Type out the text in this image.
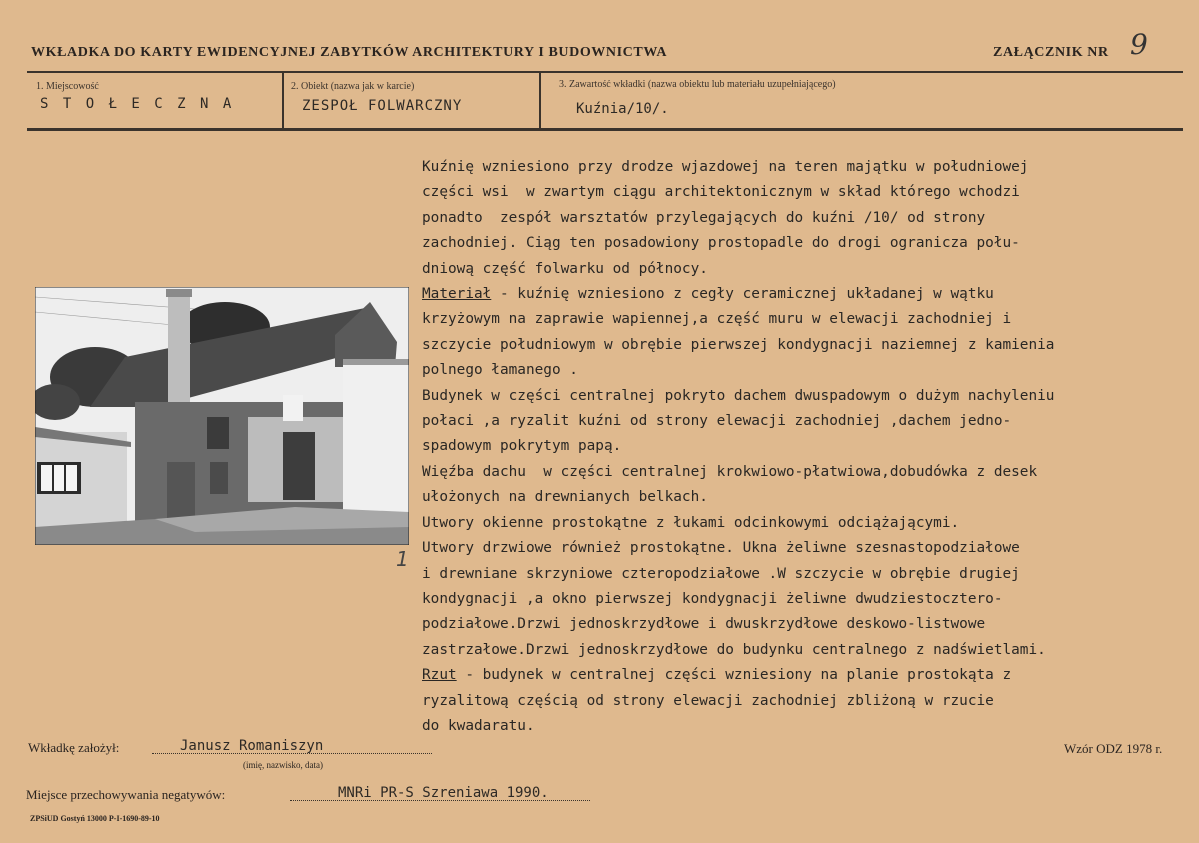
WKŁADKA DO KARTY EWIDENCYJNEJ ZABYTKÓW ARCHITEKTURY I BUDOWNICTWA	ZAŁĄCZNIK NR 9
1. Miejscowość
S T O Ł E C Z N A
2. Obiekt (nazwa jak w karcie)
ZESPOŁ FOLWARCZNY
3. Zawartość wkładki (nazwa obiektu lub materiału uzupełniającego)
Kuźnia/10/.
1
Kuźnię wzniesiono przy drodze wjazdowej na teren majątku w południowej
części wsi  w zwartym ciągu architektonicznym w skład którego wchodzi
ponadto  zespół warsztatów przylegających do kuźni /10/ od strony
zachodniej. Ciąg ten posadowiony prostopadle do drogi ogranicza połu-
dniową część folwarku od północy.
Materiał - kuźnię wzniesiono z cegły ceramicznej układanej w wątku
krzyżowym na zaprawie wapiennej,a część muru w elewacji zachodniej i
szczycie południowym w obrębie pierwszej kondygnacji naziemnej z kamienia
polnego łamanego .
Budynek w części centralnej pokryto dachem dwuspadowym o dużym nachyleniu
połaci ,a ryzalit kuźni od strony elewacji zachodniej ,dachem jedno-
spadowym pokrytym papą.
Więźba dachu  w części centralnej krokwiowo-płatwiowa,dobudówka z desek
ułożonych na drewnianych belkach.
Utwory okienne prostokątne z łukami odcinkowymi odciążającymi.
Utwory drzwiowe również prostokątne. Ukna żeliwne szesnastopodziałowe
i drewniane skrzyniowe czteropodziałowe .W szczycie w obrębie drugiej
kondygnacji ,a okno pierwszej kondygnacji żeliwne dwudziestocztero-
podziałowe.Drzwi jednoskrzydłowe i dwuskrzydłowe deskowo-listwowe
zastrzałowe.Drzwi jednoskrzydłowe do budynku centralnego z nadświetlami.
Rzut - budynek w centralnej części wzniesiony na planie prostokąta z
ryzalitową częścią od strony elewacji zachodniej zbliżoną w rzucie
do kwadaratu.
Wkładkę założył:	Janusz Romaniszyn
(imię, nazwisko, data)
Miejsce przechowywania negatywów:	MNRi PR-S Szreniawa 1990.
Wzór ODZ 1978 r.
ZPSiUD Gostyń 13000 P-I-1690-89-10
